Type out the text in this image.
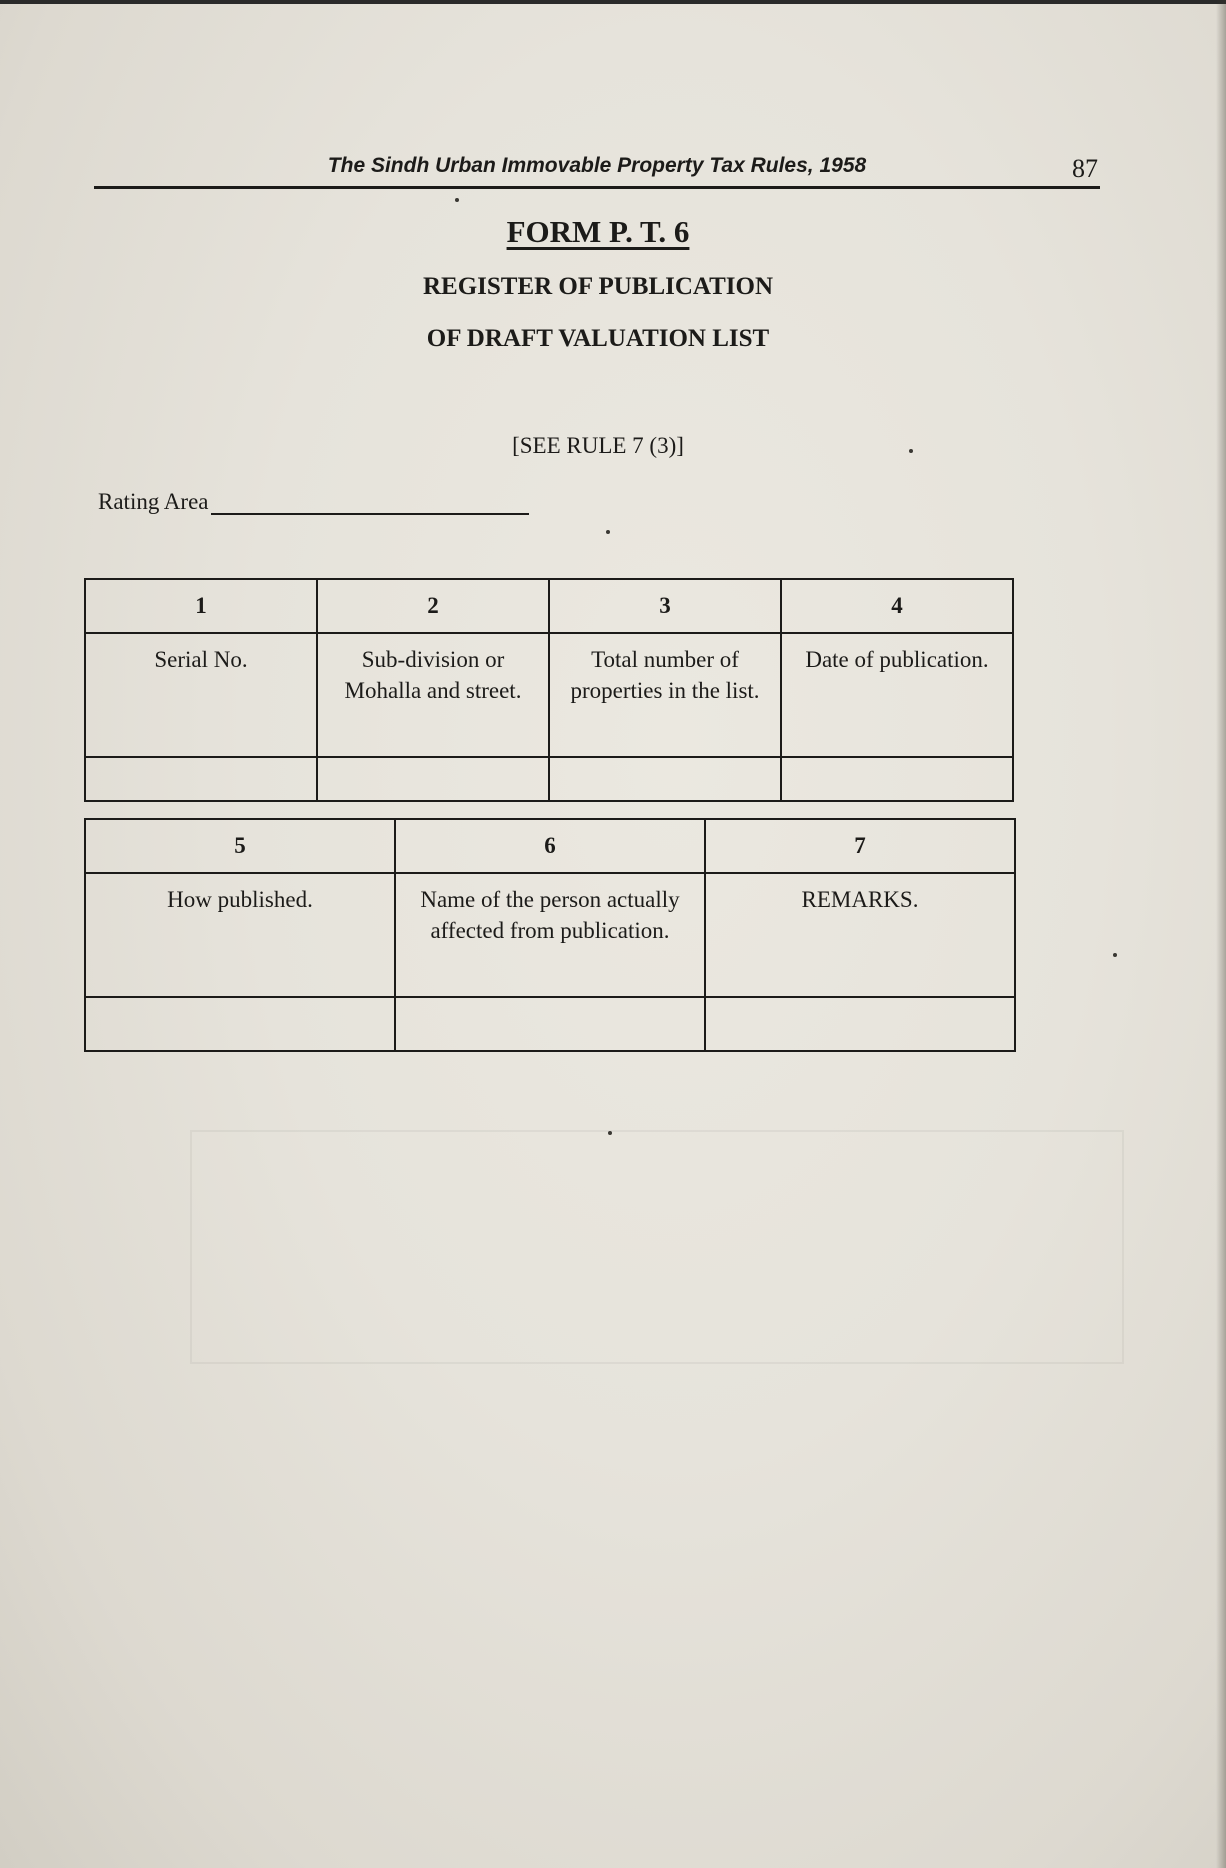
The Sindh Urban Immovable Property Tax Rules, 1958	87
FORM P. T. 6
REGISTER OF PUBLICATION
OF DRAFT VALUATION LIST
[SEE RULE 7 (3)]
Rating Area
1	2	3	4
Serial No.	Sub-division or Mohalla and street.	Total number of properties in the list.	Date of publication.

5	6	7
How published.	Name of the person actually affected from publication.	REMARKS.
